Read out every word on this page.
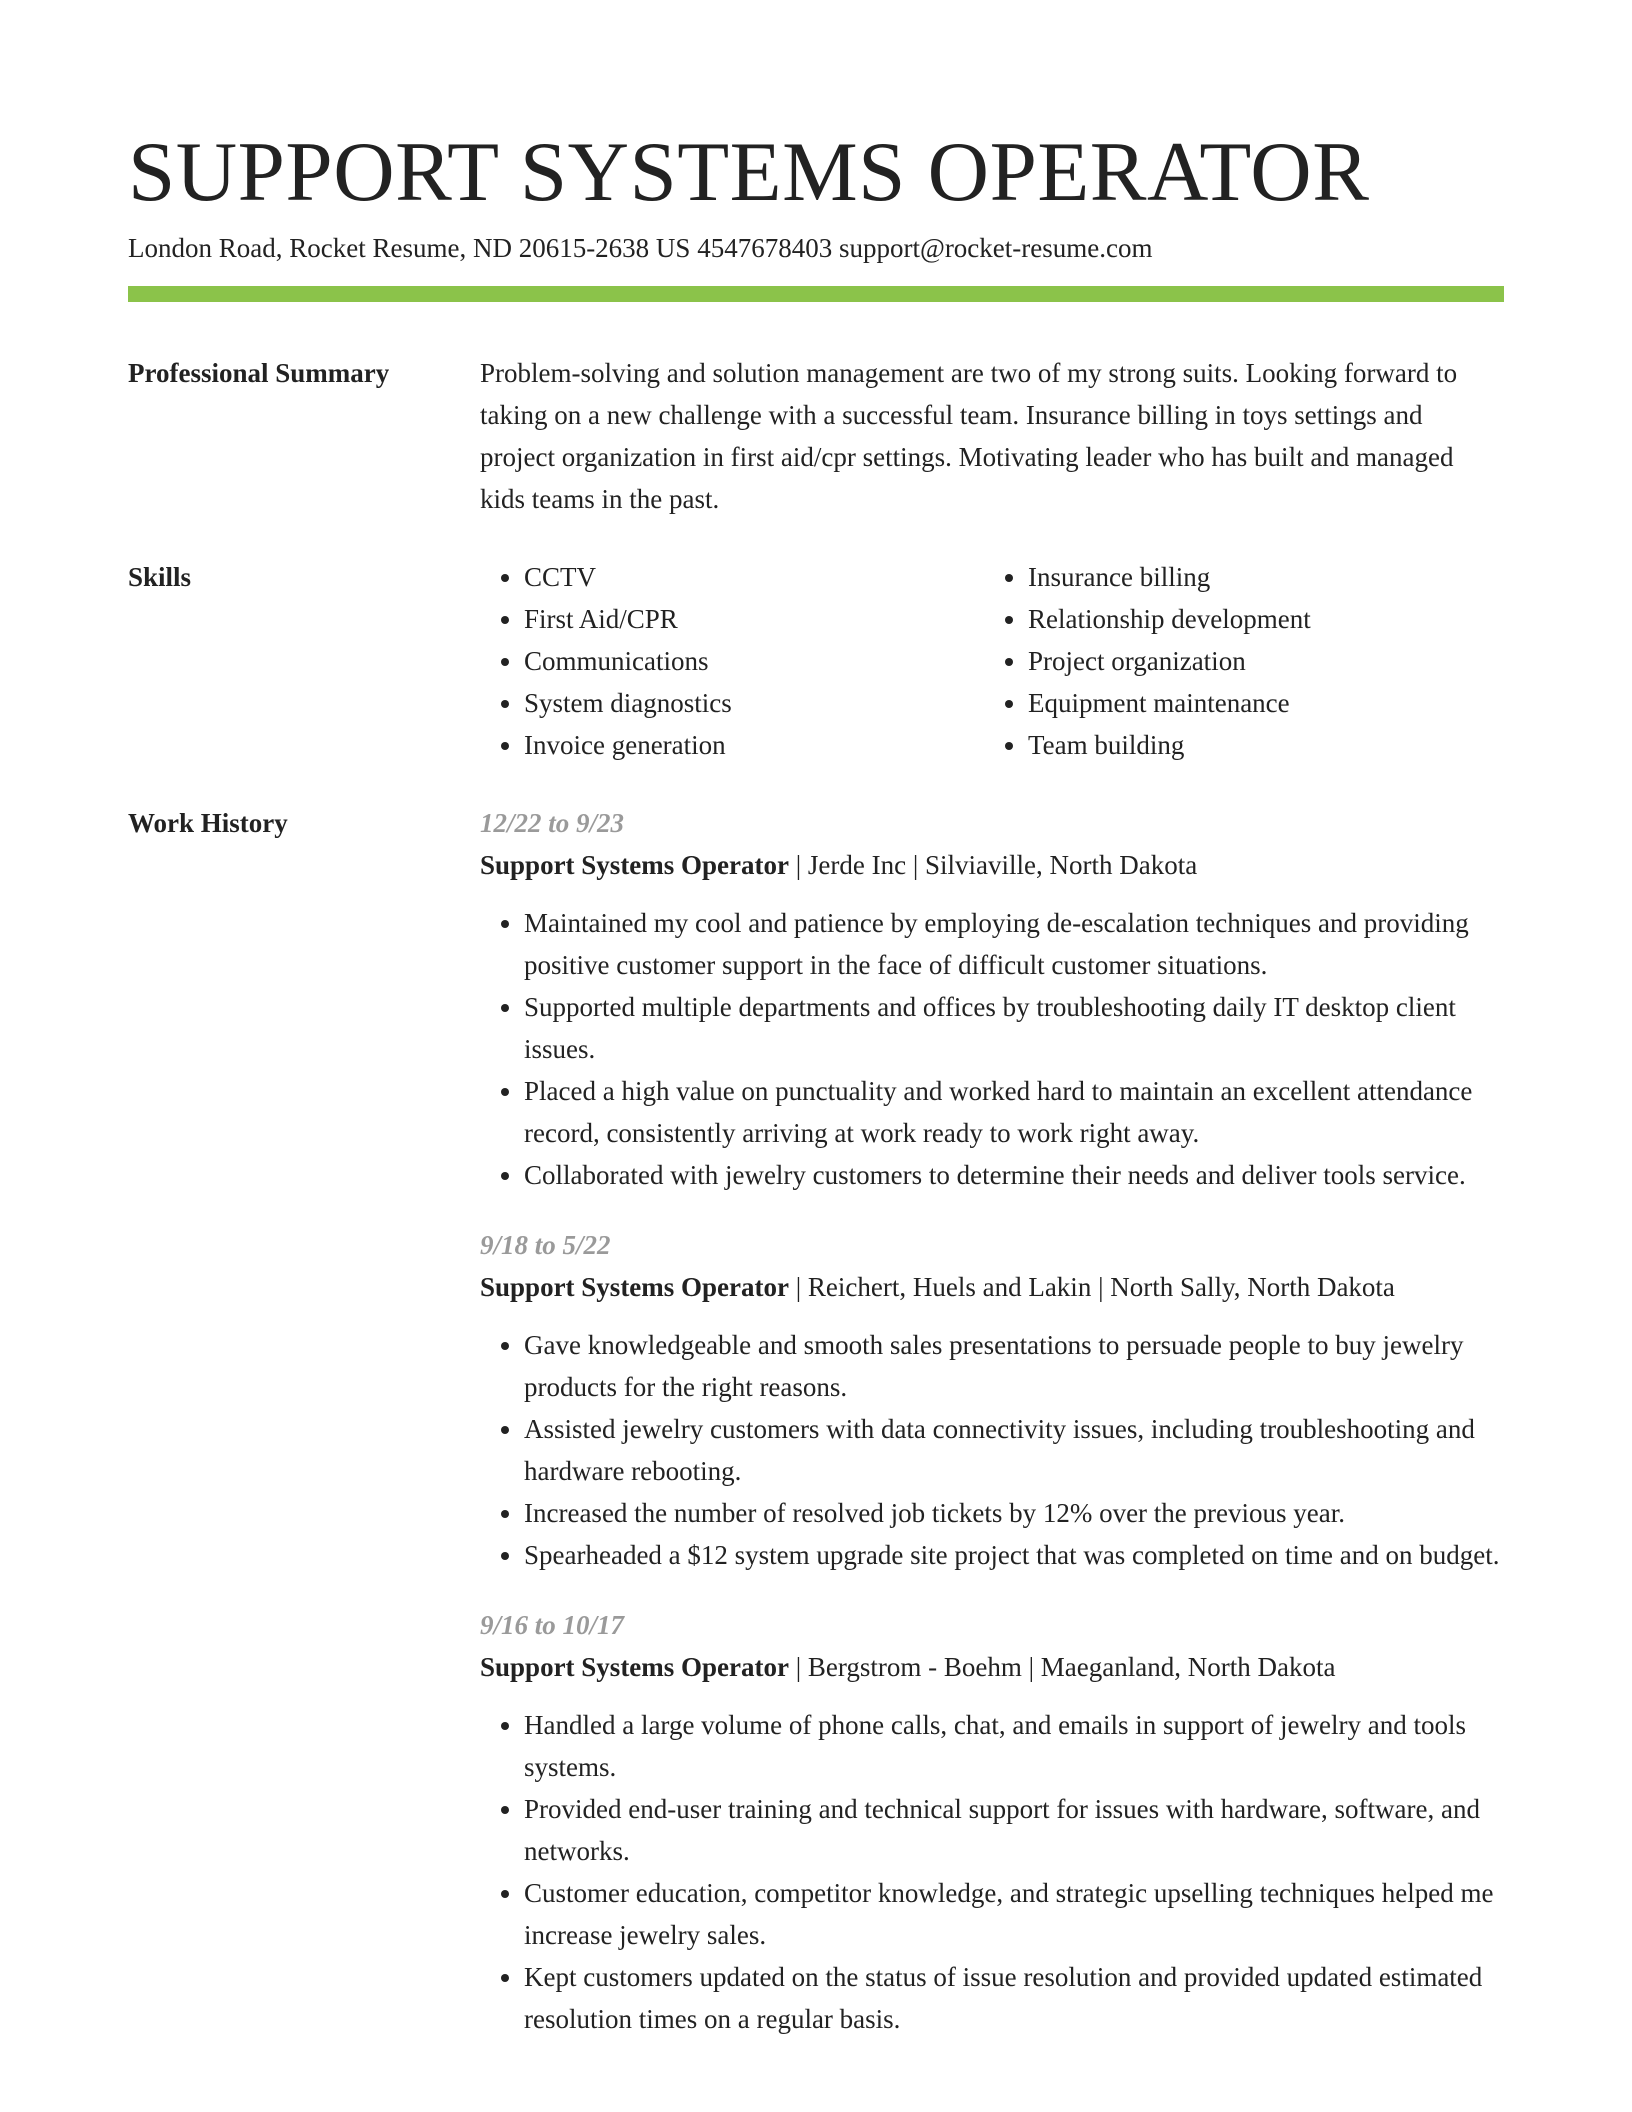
SUPPORT SYSTEMS OPERATOR
London Road, Rocket Resume, ND 20615-2638 US 4547678403 support@rocket-resume.com
Professional Summary	Problem-solving and solution management are two of my strong suits. Looking forward to taking on a new challenge with a successful team. Insurance billing in toys settings and project organization in first aid/cpr settings. Motivating leader who has built and managed kids teams in the past.
Skills
•	CCTV
• First Aid/CPR
• Communications
• System diagnostics
• Invoice generation
• Insurance billing
• Relationship development
• Project organization
• Equipment maintenance
• Team building
Work History	12/22 to 9/23
Support Systems Operator | Jerde Inc | Silviaville, North Dakota
• Maintained my cool and patience by employing de-escalation techniques and providing positive customer support in the face of difficult customer situations.
• Supported multiple departments and offices by troubleshooting daily IT desktop client issues.
• Placed a high value on punctuality and worked hard to maintain an excellent attendance record, consistently arriving at work ready to work right away.
• Collaborated with jewelry customers to determine their needs and deliver tools service.
9/18 to 5/22
Support Systems Operator | Reichert, Huels and Lakin | North Sally, North Dakota
• Gave knowledgeable and smooth sales presentations to persuade people to buy jewelry products for the right reasons.
• Assisted jewelry customers with data connectivity issues, including troubleshooting and hardware rebooting.
• Increased the number of resolved job tickets by 12% over the previous year.
• Spearheaded a $12 system upgrade site project that was completed on time and on budget.
9/16 to 10/17
Support Systems Operator | Bergstrom - Boehm | Maeganland, North Dakota
• Handled a large volume of phone calls, chat, and emails in support of jewelry and tools systems.
• Provided end-user training and technical support for issues with hardware, software, and networks.
• Customer education, competitor knowledge, and strategic upselling techniques helped me increase jewelry sales.
• Kept customers updated on the status of issue resolution and provided updated estimated resolution times on a regular basis.
